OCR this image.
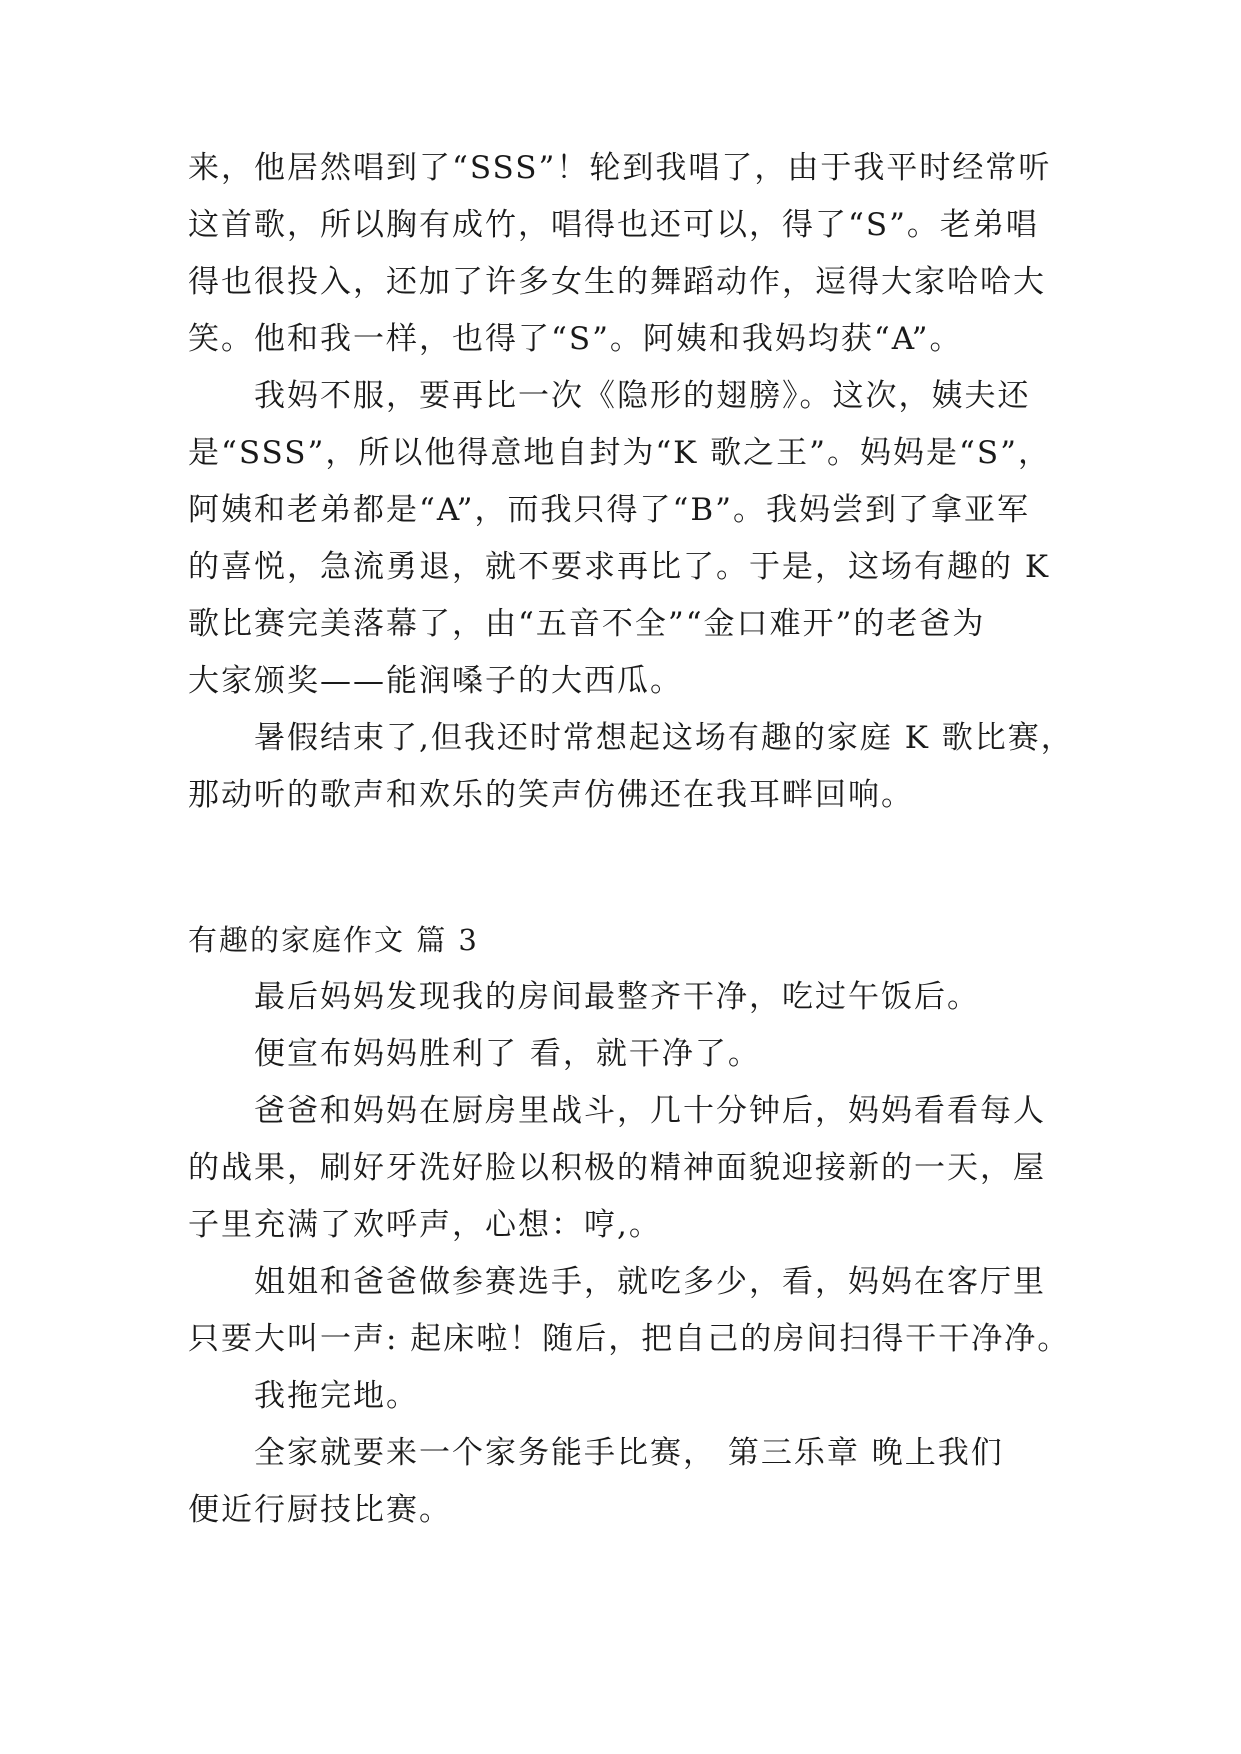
来，他居然唱到了“SSS”！轮到我唱了，由于我平时经常听
这首歌，所以胸有成竹，唱得也还可以，得了“S”。老弟唱
得也很投入，还加了许多女生的舞蹈动作，逗得大家哈哈大
笑。他和我一样，也得了“S”。阿姨和我妈均获“A”。
我妈不服，要再比一次《隐形的翅膀》。这次，姨夫还
是“SSS”，所以他得意地自封为“K 歌之王”。妈妈是“S”，
阿姨和老弟都是“A”，而我只得了“B”。我妈尝到了拿亚军
的喜悦，急流勇退，就不要求再比了。于是，这场有趣的 K
歌比赛完美落幕了，由“五音不全”“金口难开”的老爸为
大家颁奖——能润嗓子的大西瓜。
暑假结束了,但我还时常想起这场有趣的家庭 K 歌比赛，
那动听的歌声和欢乐的笑声仿佛还在我耳畔回响。
有趣的家庭作文 篇 3
最后妈妈发现我的房间最整齐干净，吃过午饭后。
便宣布妈妈胜利了 看，就干净了。
爸爸和妈妈在厨房里战斗，几十分钟后，妈妈看看每人
的战果，刷好牙洗好脸以积极的精神面貌迎接新的一天，屋
子里充满了欢呼声，心想：哼,。
姐姐和爸爸做参赛选手，就吃多少，看，妈妈在客厅里
只要大叫一声: 起床啦！随后，把自己的房间扫得干干净净。
我拖完地。
全家就要来一个家务能手比赛， 第三乐章 晚上我们
便近行厨技比赛。
